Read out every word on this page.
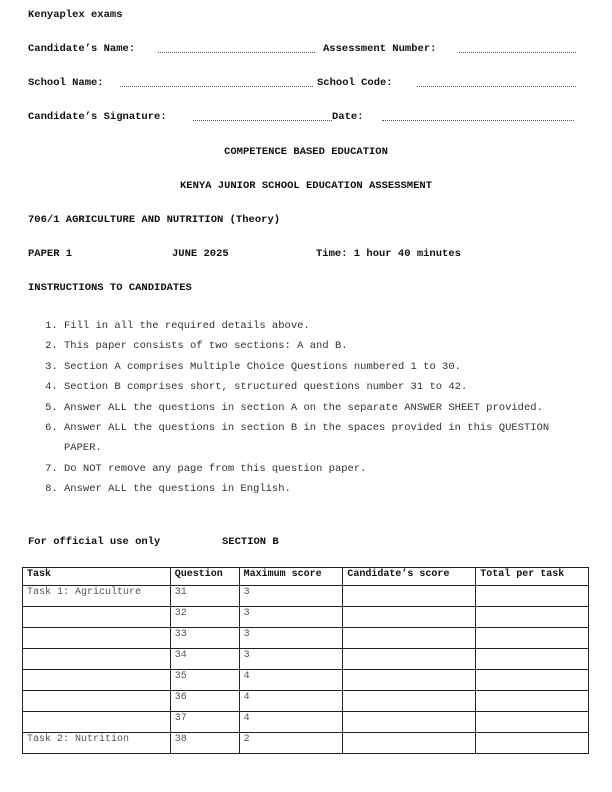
Kenyaplex exams
Candidate’s Name:	Assessment Number:
School Name:	School Code:
Candidate’s Signature:	Date:
COMPETENCE BASED EDUCATION
KENYA JUNIOR SCHOOL EDUCATION ASSESSMENT
706/1 AGRICULTURE AND NUTRITION (Theory)
PAPER 1	JUNE 2025	Time: 1 hour 40 minutes
INSTRUCTIONS TO CANDIDATES
1. Fill in all the required details above.
2. This paper consists of two sections: A and B.
3. Section A comprises Multiple Choice Questions numbered 1 to 30.
4. Section B comprises short, structured questions number 31 to 42.
5. Answer ALL the questions in section A on the separate ANSWER SHEET provided.
6. Answer ALL the questions in section B in the spaces provided in this QUESTION PAPER.
7. Do NOT remove any page from this question paper.
8. Answer ALL the questions in English.
For official use only	SECTION B
Task	Question	Maximum score	Candidate’s score	Total per task
Task 1: Agriculture	31	3		
	32	3		
	33	3		
	34	3		
	35	4		
	36	4		
	37	4		
Task 2: Nutrition	38	2		
